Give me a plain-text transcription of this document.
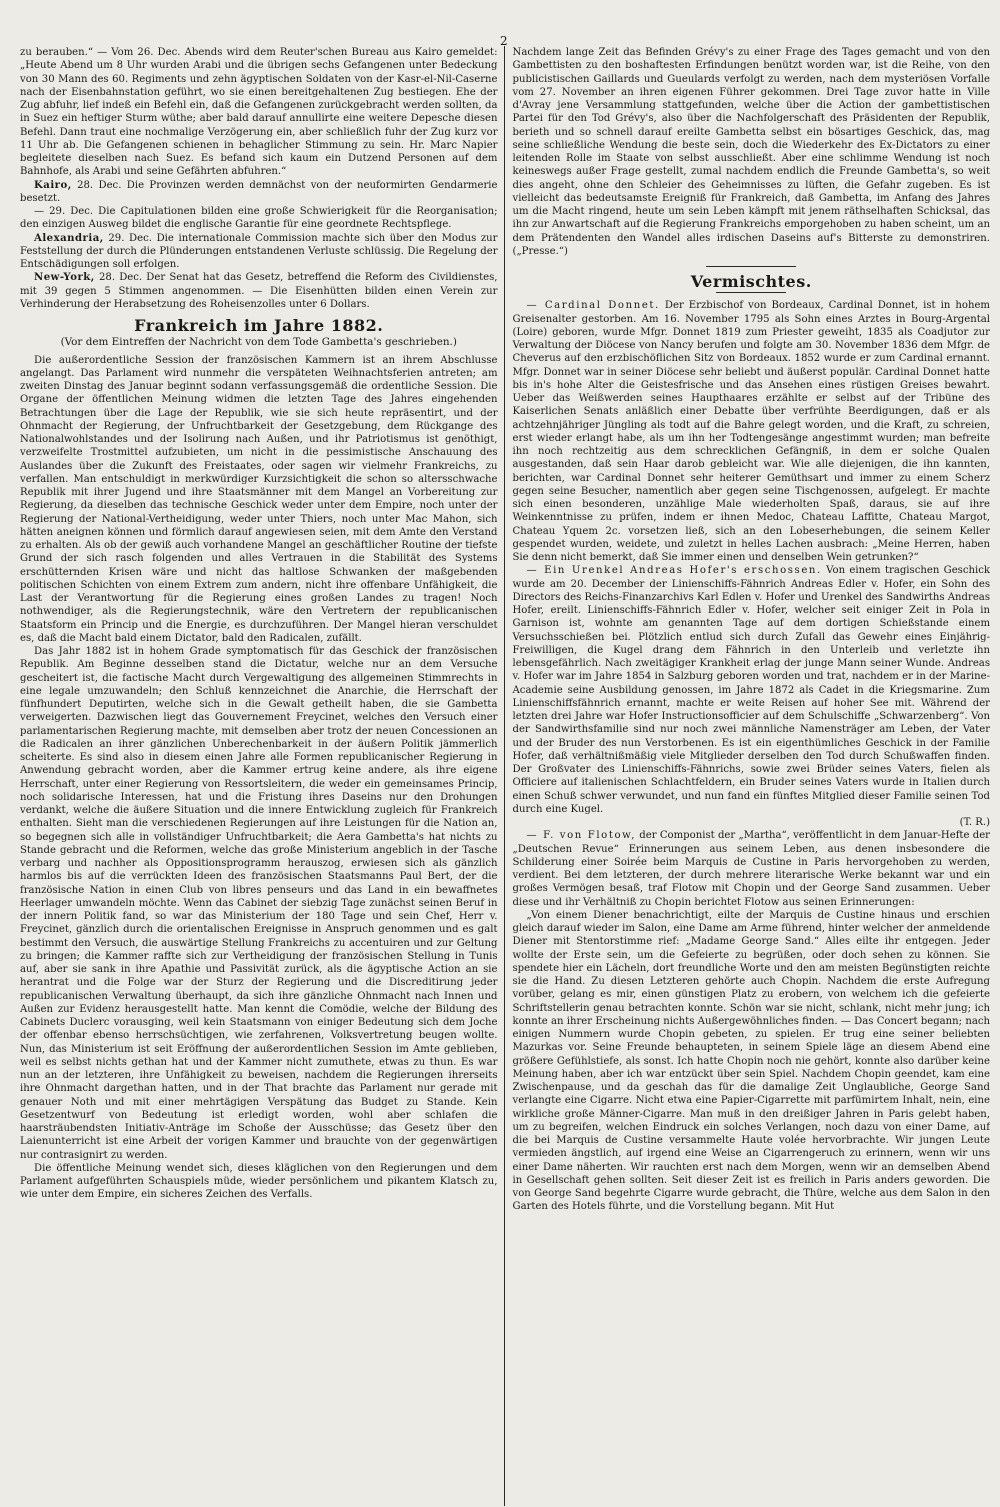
2

zu berauben.“ — Vom 26. Dec. Abends wird dem Reuter'schen Bureau aus Kairo gemeldet: „Heute Abend um 8 Uhr wurden Arabi und die übrigen sechs Gefangenen unter Bedeckung von 30 Mann des 60. Regiments und zehn ägyptischen Soldaten von der Kasr-el-Nil-Caserne nach der Eisenbahnstation geführt, wo sie einen bereitgehaltenen Zug bestiegen. Ehe der Zug abfuhr, lief indeß ein Befehl ein, daß die Gefangenen zurückgebracht werden sollten, da in Suez ein heftiger Sturm wüthe; aber bald darauf annullirte eine weitere Depesche diesen Befehl. Dann traut eine nochmalige Verzögerung ein, aber schließlich fuhr der Zug kurz vor 11 Uhr ab. Die Gefangenen schienen in behaglicher Stimmung zu sein. Hr. Marc Napier begleitete dieselben nach Suez. Es befand sich kaum ein Dutzend Personen auf dem Bahnhofe, als Arabi und seine Gefährten abfuhren.“

Kairo, 28. Dec. Die Provinzen werden demnächst von der neuformirten Gendarmerie besetzt.

— 29. Dec. Die Capitulationen bilden eine große Schwierigkeit für die Reorganisation; den einzigen Ausweg bildet die englische Garantie für eine geordnete Rechtspflege.

Alexandria, 29. Dec. Die internationale Commission machte sich über den Modus zur Feststellung der durch die Plünderungen entstandenen Verluste schlüssig. Die Regelung der Entschädigungen soll erfolgen.

New-York, 28. Dec. Der Senat hat das Gesetz, betreffend die Reform des Civildienstes, mit 39 gegen 5 Stimmen angenommen. — Die Eisenhütten bilden einen Verein zur Verhinderung der Herabsetzung des Roheisenzolles unter 6 Dollars.

Frankreich im Jahre 1882.
(Vor dem Eintreffen der Nachricht von dem Tode Gambetta's geschrieben.)

Die außerordentliche Session der französischen Kammern ist an ihrem Abschlusse angelangt. Das Parlament wird nunmehr die verspäteten Weihnachtsferien antreten; am zweiten Dinstag des Januar beginnt sodann verfassungsgemäß die ordentliche Session. Die Organe der öffentlichen Meinung widmen die letzten Tage des Jahres eingehenden Betrachtungen über die Lage der Republik, wie sie sich heute repräsentirt, und der Ohnmacht der Regierung, der Unfruchtbarkeit der Gesetzgebung, dem Rückgange des Nationalwohlstandes und der Isolirung nach Außen, und ihr Patriotismus ist genöthigt, verzweifelte Trostmittel aufzubieten, um nicht in die pessimistische Anschauung des Auslandes über die Zukunft des Freistaates, oder sagen wir vielmehr Frankreichs, zu verfallen. Man entschuldigt in merkwürdiger Kurzsichtigkeit die schon so altersschwache Republik mit ihrer Jugend und ihre Staatsmänner mit dem Mangel an Vorbereitung zur Regierung, da dieselben das technische Geschick weder unter dem Empire, noch unter der Regierung der National-Vertheidigung, weder unter Thiers, noch unter Mac Mahon, sich hätten aneignen können und förmlich darauf angewiesen seien, mit dem Amte den Verstand zu erhalten. Als ob der gewiß auch vorhandene Mangel an geschäftlicher Routine der tiefste Grund der sich rasch folgenden und alles Vertrauen in die Stabilität des Systems erschütternden Krisen wäre und nicht das haltlose Schwanken der maßgebenden politischen Schichten von einem Extrem zum andern, nicht ihre offenbare Unfähigkeit, die Last der Verantwortung für die Regierung eines großen Landes zu tragen! Noch nothwendiger, als die Regierungstechnik, wäre den Vertretern der republicanischen Staatsform ein Princip und die Energie, es durchzuführen. Der Mangel hieran verschuldet es, daß die Macht bald einem Dictator, bald den Radicalen, zufällt.

Das Jahr 1882 ist in hohem Grade symptomatisch für das Geschick der französischen Republik. Am Beginne desselben stand die Dictatur, welche nur an dem Versuche gescheitert ist, die factische Macht durch Vergewaltigung des allgemeinen Stimmrechts in eine legale umzuwandeln; den Schluß kennzeichnet die Anarchie, die Herrschaft der fünfhundert Deputirten, welche sich in die Gewalt getheilt haben, die sie Gambetta verweigerten. Dazwischen liegt das Gouvernement Freycinet, welches den Versuch einer parlamentarischen Regierung machte, mit demselben aber trotz der neuen Concessionen an die Radicalen an ihrer gänzlichen Unberechenbarkeit in der äußern Politik jämmerlich scheiterte. Es sind also in diesem einen Jahre alle Formen republicanischer Regierung in Anwendung gebracht worden, aber die Kammer ertrug keine andere, als ihre eigene Herrschaft, unter einer Regierung von Ressortsleitern, die weder ein gemeinsames Princip, noch solidarische Interessen, hat und die Fristung ihres Daseins nur den Drohungen verdankt, welche die äußere Situation und die innere Entwicklung zugleich für Frankreich enthalten. Sieht man die verschiedenen Regierungen auf ihre Leistungen für die Nation an, so begegnen sich alle in vollständiger Unfruchtbarkeit; die Aera Gambetta's hat nichts zu Stande gebracht und die Reformen, welche das große Ministerium angeblich in der Tasche verbarg und nachher als Oppositionsprogramm herauszog, erwiesen sich als gänzlich harmlos bis auf die verrückten Ideen des französischen Staatsmanns Paul Bert, der die französische Nation in einen Club von libres penseurs und das Land in ein bewaffnetes Heerlager umwandeln möchte. Wenn das Cabinet der siebzig Tage zunächst seinen Beruf in der innern Politik fand, so war das Ministerium der 180 Tage und sein Chef, Herr v. Freycinet, gänzlich durch die orientalischen Ereignisse in Anspruch genommen und es galt bestimmt den Versuch, die auswärtige Stellung Frankreichs zu accentuiren und zur Geltung zu bringen; die Kammer raffte sich zur Vertheidigung der französischen Stellung in Tunis auf, aber sie sank in ihre Apathie und Passivität zurück, als die ägyptische Action an sie herantrat und die Folge war der Sturz der Regierung und die Discreditirung jeder republicanischen Verwaltung überhaupt, da sich ihre gänzliche Ohnmacht nach Innen und Außen zur Evidenz herausgestellt hatte. Man kennt die Comödie, welche der Bildung des Cabinets Duclerc vorausging, weil kein Staatsmann von einiger Bedeutung sich dem Joche der offenbar ebenso herrschsüchtigen, wie zerfahrenen, Volksvertretung beugen wollte. Nun, das Ministerium ist seit Eröffnung der außerordentlichen Session im Amte geblieben, weil es selbst nichts gethan hat und der Kammer nicht zumuthete, etwas zu thun. Es war nun an der letzteren, ihre Unfähigkeit zu beweisen, nachdem die Regierungen ihrerseits ihre Ohnmacht dargethan hatten, und in der That brachte das Parlament nur gerade mit genauer Noth und mit einer mehrtägigen Verspätung das Budget zu Stande. Kein Gesetzentwurf von Bedeutung ist erledigt worden, wohl aber schlafen die haarsträubendsten Initiativ-Anträge im Schoße der Ausschüsse; das Gesetz über den Laienunterricht ist eine Arbeit der vorigen Kammer und brauchte von der gegenwärtigen nur contrasignirt zu werden.

Die öffentliche Meinung wendet sich, dieses kläglichen von den Regierungen und dem Parlament aufgeführten Schauspiels müde, wieder persönlichem und pikantem Klatsch zu, wie unter dem Empire, ein sicheres Zeichen des Verfalls.

Nachdem lange Zeit das Befinden Grévy's zu einer Frage des Tages gemacht und von den Gambettisten zu den boshaftesten Erfindungen benützt worden war, ist die Reihe, von den publicistischen Gaillards und Gueulards verfolgt zu werden, nach dem mysteriösen Vorfalle vom 27. November an ihren eigenen Führer gekommen. Drei Tage zuvor hatte in Ville d'Avray jene Versammlung stattgefunden, welche über die Action der gambettistischen Partei für den Tod Grévy's, also über die Nachfolgerschaft des Präsidenten der Republik, berieth und so schnell darauf ereilte Gambetta selbst ein bösartiges Geschick, das, mag seine schließliche Wendung die beste sein, doch die Wiederkehr des Ex-Dictators zu einer leitenden Rolle im Staate von selbst ausschließt. Aber eine schlimme Wendung ist noch keineswegs außer Frage gestellt, zumal nachdem endlich die Freunde Gambetta's, so weit dies angeht, ohne den Schleier des Geheimnisses zu lüften, die Gefahr zugeben. Es ist vielleicht das bedeutsamste Ereigniß für Frankreich, daß Gambetta, im Anfang des Jahres um die Macht ringend, heute um sein Leben kämpft mit jenem räthselhaften Schicksal, das ihn zur Anwartschaft auf die Regierung Frankreichs emporgehoben zu haben scheint, um an dem Prätendenten den Wandel alles irdischen Daseins auf's Bitterste zu demonstriren. („Presse.“)

Vermischtes.

— Cardinal Donnet. Der Erzbischof von Bordeaux, Cardinal Donnet, ist in hohem Greisenalter gestorben. Am 16. November 1795 als Sohn eines Arztes in Bourg-Argental (Loire) geboren, wurde Mfgr. Donnet 1819 zum Priester geweiht, 1835 als Coadjutor zur Verwaltung der Diöcese von Nancy berufen und folgte am 30. November 1836 dem Mfgr. de Cheverus auf den erzbischöflichen Sitz von Bordeaux. 1852 wurde er zum Cardinal ernannt. Mfgr. Donnet war in seiner Diöcese sehr beliebt und äußerst populär. Cardinal Donnet hatte bis in's hohe Alter die Geistesfrische und das Ansehen eines rüstigen Greises bewahrt. Ueber das Weißwerden seines Haupthaares erzählte er selbst auf der Tribüne des Kaiserlichen Senats anläßlich einer Debatte über verfrühte Beerdigungen, daß er als achtzehnjähriger Jüngling als todt auf die Bahre gelegt worden, und die Kraft, zu schreien, erst wieder erlangt habe, als um ihn her Todtengesänge angestimmt wurden; man befreite ihn noch rechtzeitig aus dem schrecklichen Gefängniß, in dem er solche Qualen ausgestanden, daß sein Haar darob gebleicht war. Wie alle diejenigen, die ihn kannten, berichten, war Cardinal Donnet sehr heiterer Gemüthsart und immer zu einem Scherz gegen seine Besucher, namentlich aber gegen seine Tischgenossen, aufgelegt. Er machte sich einen besonderen, unzählige Male wiederholten Spaß, daraus, sie auf ihre Weinkenntnisse zu prüfen, indem er ihnen Medoc, Chateau Laffitte, Chateau Margot, Chateau Yquem 2c. vorsetzen ließ, sich an den Lobeserhebungen, die seinem Keller gespendet wurden, weidete, und zuletzt in helles Lachen ausbrach: „Meine Herren, haben Sie denn nicht bemerkt, daß Sie immer einen und denselben Wein getrunken?“

— Ein Urenkel Andreas Hofer's erschossen. Von einem tragischen Geschick wurde am 20. December der Linienschiffs-Fähnrich Andreas Edler v. Hofer, ein Sohn des Directors des Reichs-Finanzarchivs Karl Edlen v. Hofer und Urenkel des Sandwirths Andreas Hofer, ereilt. Linienschiffs-Fähnrich Edler v. Hofer, welcher seit einiger Zeit in Pola in Garnison ist, wohnte am genannten Tage auf dem dortigen Schießstande einem Versuchsschießen bei. Plötzlich entlud sich durch Zufall das Gewehr eines Einjährig-Freiwilligen, die Kugel drang dem Fähnrich in den Unterleib und verletzte ihn lebensgefährlich. Nach zweitägiger Krankheit erlag der junge Mann seiner Wunde. Andreas v. Hofer war im Jahre 1854 in Salzburg geboren worden und trat, nachdem er in der Marine-Academie seine Ausbildung genossen, im Jahre 1872 als Cadet in die Kriegsmarine. Zum Linienschiffsfähnrich ernannt, machte er weite Reisen auf hoher See mit. Während der letzten drei Jahre war Hofer Instructionsofficier auf dem Schulschiffe „Schwarzenberg“. Von der Sandwirthsfamilie sind nur noch zwei männliche Namensträger am Leben, der Vater und der Bruder des nun Verstorbenen. Es ist ein eigenthümliches Geschick in der Familie Hofer, daß verhältnißmäßig viele Mitglieder derselben den Tod durch Schußwaffen finden. Der Großvater des Linienschiffs-Fähnrichs, sowie zwei Brüder seines Vaters, fielen als Officiere auf italienischen Schlachtfeldern, ein Bruder seines Vaters wurde in Italien durch einen Schuß schwer verwundet, und nun fand ein fünftes Mitglied dieser Familie seinen Tod durch eine Kugel.

(T. R.)

— F. von Flotow, der Componist der „Martha“, veröffentlicht in dem Januar-Hefte der „Deutschen Revue“ Erinnerungen aus seinem Leben, aus denen insbesondere die Schilderung einer Soirée beim Marquis de Custine in Paris hervorgehoben zu werden, verdient. Bei dem letzteren, der durch mehrere literarische Werke bekannt war und ein großes Vermögen besaß, traf Flotow mit Chopin und der George Sand zusammen. Ueber diese und ihr Verhältniß zu Chopin berichtet Flotow aus seinen Erinnerungen:

„Von einem Diener benachrichtigt, eilte der Marquis de Custine hinaus und erschien gleich darauf wieder im Salon, eine Dame am Arme führend, hinter welcher der anmeldende Diener mit Stentorstimme rief: „Madame George Sand.“ Alles eilte ihr entgegen. Jeder wollte der Erste sein, um die Gefeierte zu begrüßen, oder doch sehen zu können. Sie spendete hier ein Lächeln, dort freundliche Worte und den am meisten Begünstigten reichte sie die Hand. Zu diesen Letzteren gehörte auch Chopin. Nachdem die erste Aufregung vorüber, gelang es mir, einen günstigen Platz zu erobern, von welchem ich die gefeierte Schriftstellerin genau betrachten konnte. Schön war sie nicht, schlank, nicht mehr jung; ich konnte an ihrer Erscheinung nichts Außergewöhnliches finden. — Das Concert begann; nach einigen Nummern wurde Chopin gebeten, zu spielen. Er trug eine seiner beliebten Mazurkas vor. Seine Freunde behaupteten, in seinem Spiele läge an diesem Abend eine größere Gefühlstiefe, als sonst. Ich hatte Chopin noch nie gehört, konnte also darüber keine Meinung haben, aber ich war entzückt über sein Spiel. Nachdem Chopin geendet, kam eine Zwischenpause, und da geschah das für die damalige Zeit Unglaubliche, George Sand verlangte eine Cigarre. Nicht etwa eine Papier-Cigarrette mit parfümirtem Inhalt, nein, eine wirkliche große Männer-Cigarre. Man muß in den dreißiger Jahren in Paris gelebt haben, um zu begreifen, welchen Eindruck ein solches Verlangen, noch dazu von einer Dame, auf die bei Marquis de Custine versammelte Haute volée hervorbrachte. Wir jungen Leute vermieden ängstlich, auf irgend eine Weise an Cigarrengeruch zu erinnern, wenn wir uns einer Dame näherten. Wir rauchten erst nach dem Morgen, wenn wir an demselben Abend in Gesellschaft gehen sollten. Seit dieser Zeit ist es freilich in Paris anders geworden. Die von George Sand begehrte Cigarre wurde gebracht, die Thüre, welche aus dem Salon in den Garten des Hotels führte, und die Vorstellung begann. Mit Hut
